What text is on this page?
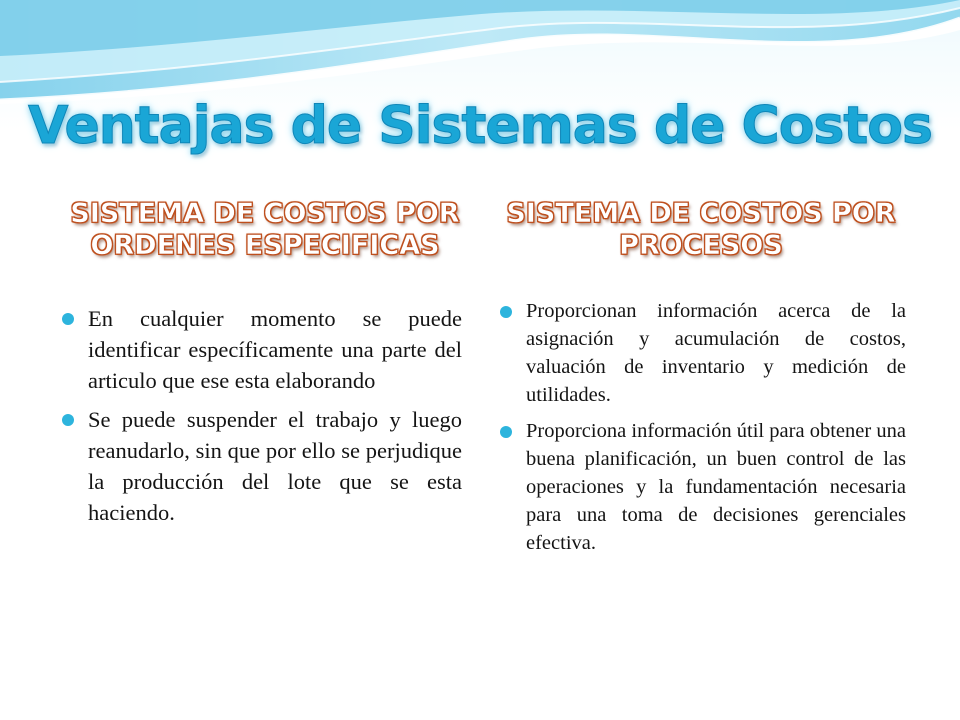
Ventajas de Sistemas de Costos
SISTEMA DE COSTOS POR ORDENES ESPECIFICAS
SISTEMA DE COSTOS POR PROCESOS
En cualquier momento se puede identificar específicamente una parte del articulo que ese esta elaborando
Se puede suspender el trabajo y luego reanudarlo, sin que por ello se perjudique la producción del lote que se esta haciendo.
Proporcionan información acerca de la asignación y acumulación de costos, valuación de inventario y medición de utilidades.
Proporciona información útil para obtener una buena planificación, un buen control de las operaciones y la fundamentación necesaria para una toma de decisiones gerenciales efectiva.
